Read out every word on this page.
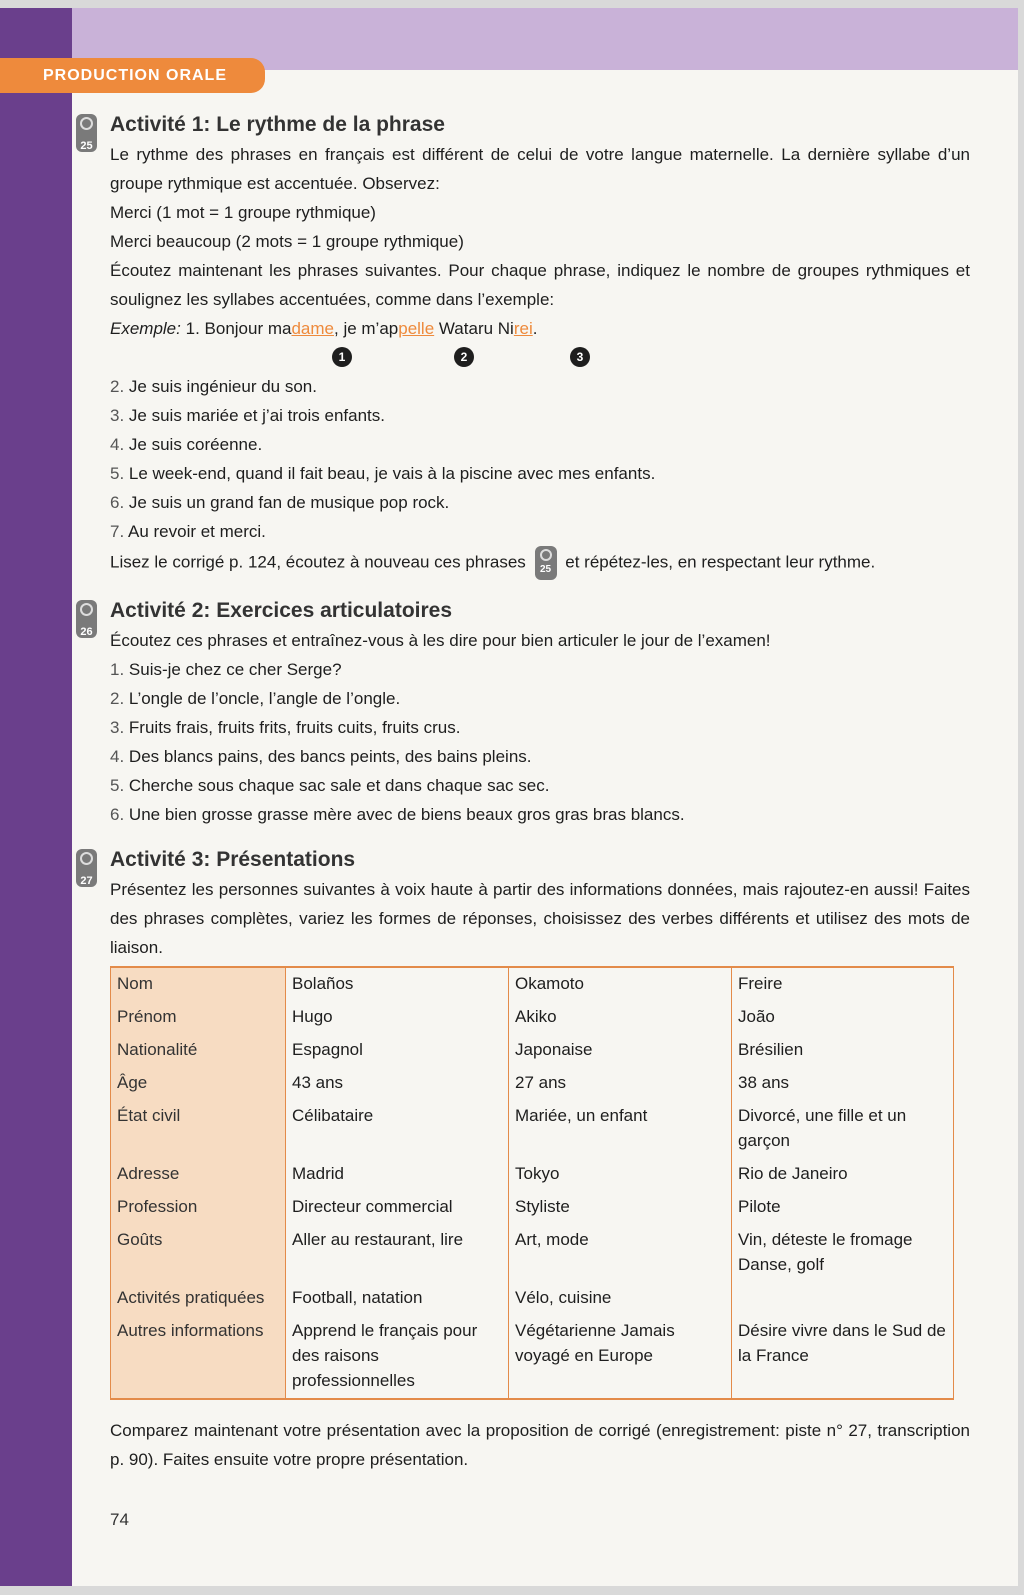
PRODUCTION ORALE
25
Activité 1: Le rythme de la phrase

Le rythme des phrases en français est différent de celui de votre langue maternelle. La dernière syllabe d’un groupe rythmique est accentuée. Observez:

Merci (1 mot = 1 groupe rythmique)

Merci beaucoup (2 mots = 1 groupe rythmique)

Écoutez maintenant les phrases suivantes. Pour chaque phrase, indiquez le nombre de groupes rythmiques et soulignez les syllabes accentuées, comme dans l’exemple:

Exemple: 1. Bonjour madame, je m’appelle Wataru Nirei.

1	2	3

2. Je suis ingénieur du son.

3. Je suis mariée et j’ai trois enfants.

4. Je suis coréenne.

5. Le week-end, quand il fait beau, je vais à la piscine avec mes enfants.

6. Je suis un grand fan de musique pop rock.

7. Au revoir et merci.

Lisez le corrigé p. 124, écoutez à nouveau ces phrases 25 et répétez-les, en respectant leur rythme.

26
Activité 2: Exercices articulatoires

Écoutez ces phrases et entraînez-vous à les dire pour bien articuler le jour de l’examen!

1. Suis-je chez ce cher Serge?

2. L’ongle de l’oncle, l’angle de l’ongle.

3. Fruits frais, fruits frits, fruits cuits, fruits crus.

4. Des blancs pains, des bancs peints, des bains pleins.

5. Cherche sous chaque sac sale et dans chaque sac sec.

6. Une bien grosse grasse mère avec de biens beaux gros gras bras blancs.

27
Activité 3: Présentations

Présentez les personnes suivantes à voix haute à partir des informations données, mais rajoutez-en aussi! Faites des phrases complètes, variez les formes de réponses, choisissez des verbes différents et utilisez des mots de liaison.

Nom	Bolaños	Okamoto	Freire
Prénom	Hugo	Akiko	João
Nationalité	Espagnol	Japonaise	Brésilien
Âge	43 ans	27 ans	38 ans
État civil	Célibataire	Mariée, un enfant	Divorcé, une fille et un garçon
Adresse	Madrid	Tokyo	Rio de Janeiro
Profession	Directeur commercial	Styliste	Pilote
Goûts	Aller au restaurant, lire	Art, mode	Vin, déteste le fromage Danse, golf
Activités pratiquées	Football, natation	Vélo, cuisine	
Autres informations	Apprend le français pour des raisons professionnelles	Végétarienne Jamais voyagé en Europe	Désire vivre dans le Sud de la France

Comparez maintenant votre présentation avec la proposition de corrigé (enregistrement: piste n° 27, transcription p. 90). Faites ensuite votre propre présentation.

74
